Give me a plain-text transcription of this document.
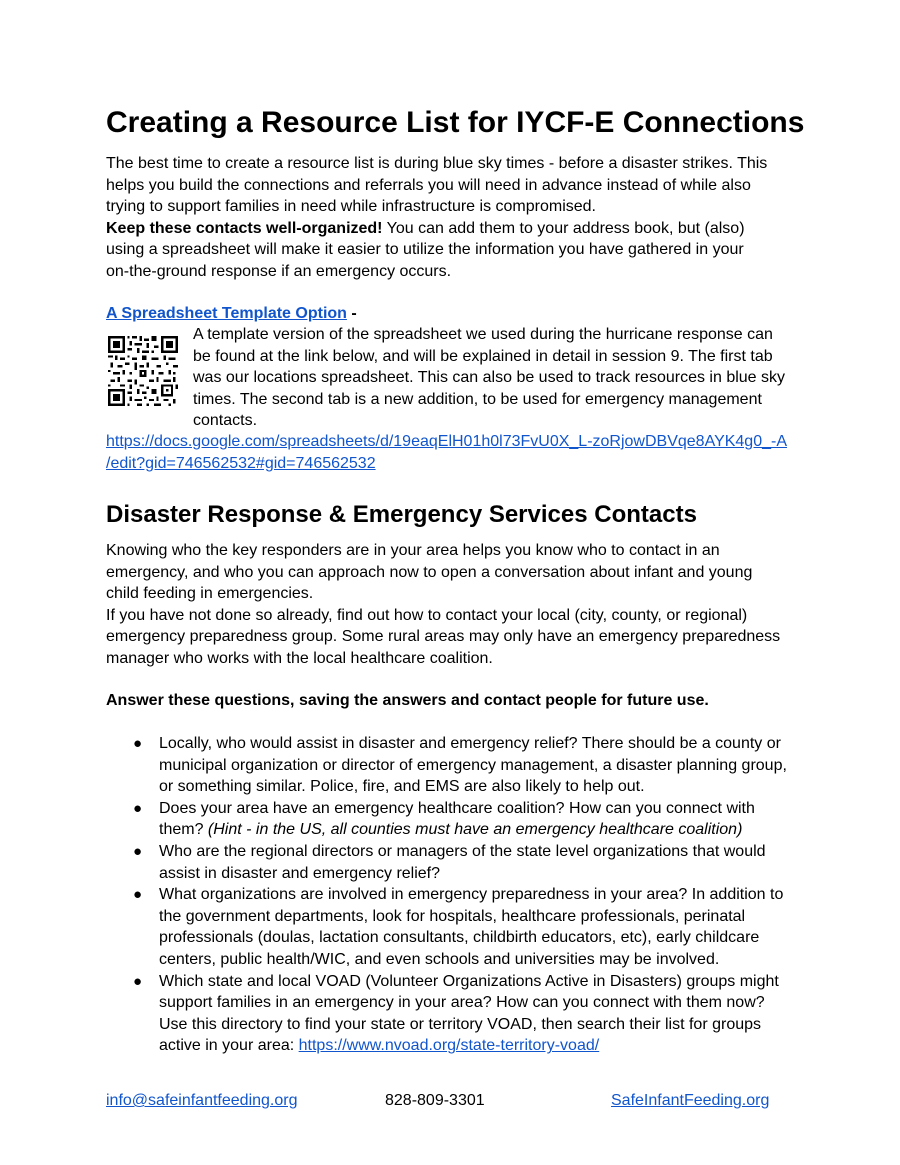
Creating a Resource List for IYCF-E Connections

The best time to create a resource list is during blue sky times - before a disaster strikes. This

helps you build the connections and referrals you will need in advance instead of while also

trying to support families in need while infrastructure is compromised.

Keep these contacts well-organized! You can add them to your address book, but (also)

using a spreadsheet will make it easier to utilize the information you have gathered in your

on-the-ground response if an emergency occurs.

A Spreadsheet Template Option -
A template version of the spreadsheet we used during the hurricane response can
be found at the link below, and will be explained in detail in session 9. The first tab
was our locations spreadsheet. This can also be used to track resources in blue sky
times. The second tab is a new addition, to be used for emergency management
contacts.
https://docs.google.com/spreadsheets/d/19eaqElH01h0l73FvU0X_L-zoRjowDBVqe8AYK4g0_-A
/edit?gid=746562532#gid=746562532
Disaster Response & Emergency Services Contacts

Knowing who the key responders are in your area helps you know who to contact in an

emergency, and who you can approach now to open a conversation about infant and young

child feeding in emergencies.

If you have not done so already, find out how to contact your local (city, county, or regional)

emergency preparedness group. Some rural areas may only have an emergency preparedness

manager who works with the local healthcare coalition.

Answer these questions, saving the answers and contact people for future use.
● Locally, who would assist in disaster and emergency relief? There should be a county or
municipal organization or director of emergency management, a disaster planning group,
or something similar. Police, fire, and EMS are also likely to help out.
● Does your area have an emergency healthcare coalition? How can you connect with
them? (Hint - in the US, all counties must have an emergency healthcare coalition)
● Who are the regional directors or managers of the state level organizations that would
assist in disaster and emergency relief?
● What organizations are involved in emergency preparedness in your area? In addition to
the government departments, look for hospitals, healthcare professionals, perinatal
professionals (doulas, lactation consultants, childbirth educators, etc), early childcare
centers, public health/WIC, and even schools and universities may be involved.
● Which state and local VOAD (Volunteer Organizations Active in Disasters) groups might
support families in an emergency in your area? How can you connect with them now?
Use this directory to find your state or territory VOAD, then search their list for groups
active in your area: https://www.nvoad.org/state-territory-voad/
info@safeinfantfeeding.org	828-809-3301	SafeInfantFeeding.org
